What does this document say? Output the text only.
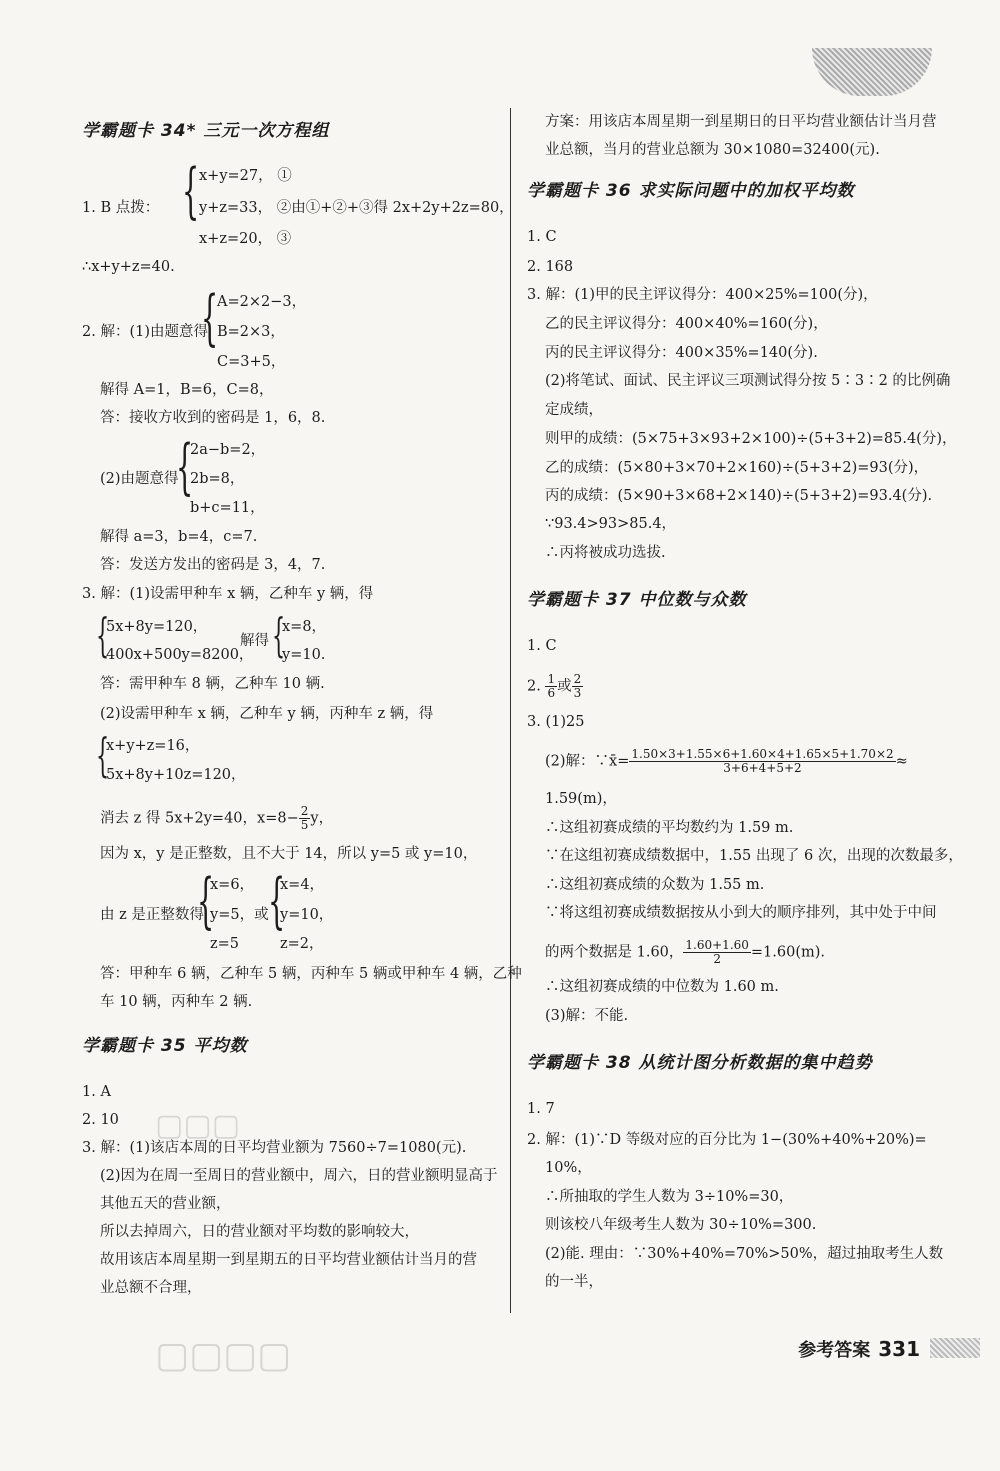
学霸题卡 34* 三元一次方程组
{
1. B 点拨：
x+y=27， ①
y+z=33， ②由①+②+③得 2x+2y+2z=80，
x+z=20， ③
∴x+y+z=40.
{
2. 解：(1)由题意得
A=2×2−3，
B=2×3，
C=3+5，
解得 A=1，B=6，C=8，
答：接收方收到的密码是 1，6，8.
{
(2)由题意得
2a−b=2，
2b=8，
b+c=11，
解得 a=3，b=4，c=7.
答：发送方发出的密码是 3，4，7.
3. 解：(1)设需甲种车 x 辆，乙种车 y 辆，得
{
5x+8y=120，
400x+500y=8200，
解得 {
x=8，
y=10.
答：需甲种车 8 辆，乙种车 10 辆.
(2)设需甲种车 x 辆，乙种车 y 辆，丙种车 z 辆，得
{
x+y+z=16，
5x+8y+10z=120，
消去 z 得 5x+2y=40，$x=8- \frac{2}{5}$ y，
因为 x，y 是正整数，且不大于 14，所以 y=5 或 y=10，
{
由 z 是正整数得
x=6，
y=5，或
z=5
{
x=4，
y=10，
z=2，
答：甲种车 6 辆，乙种车 5 辆，丙种车 5 辆或甲种车 4 辆，乙种
车 10 辆，丙种车 2 辆.
学霸题卡 35 平均数
1. A
2. 10
3. 解：(1)该店本周的日平均营业额为 7560÷7=1080(元).
(2)因为在周一至周日的营业额中，周六，日的营业额明显高于
其他五天的营业额，
所以去掉周六，日的营业额对平均数的影响较大，
故用该店本周星期一到星期五的日平均营业额估计当月的营
业总额不合理，
方案：用该店本周星期一到星期日的日平均营业额估计当月营
业总额，当月的营业总额为 30×1080=32400(元).
学霸题卡 36 求实际问题中的加权平均数
1. C
2. 168
3. 解：(1)甲的民主评议得分：400×25%=100(分)，
乙的民主评议得分：400×40%=160(分)，
丙的民主评议得分：400×35%=140(分).
(2)将笔试、面试、民主评议三项测试得分按 5∶3∶2 的比例确
定成绩，
则甲的成绩：(5×75+3×93+2×100)÷(5+3+2)=85.4(分)，
乙的成绩：(5×80+3×70+2×160)÷(5+3+2)=93(分)，
丙的成绩：(5×90+3×68+2×140)÷(5+3+2)=93.4(分).
∵93.4>93>85.4，
∴丙将被成功选拔.
学霸题卡 37 中位数与众数
1. C
2. $\frac{1}{6}$ 或 $\frac{2}{3}$
3. (1)25
(2)解：∵x̄= $\frac{1.50\times 3+1.55\times 6+1.60\times 4+1.65\times 5+1.70\times 2}{3+6+4+5+2}$ ≈
1.59(m)，
∴这组初赛成绩的平均数约为 1.59 m.
∵在这组初赛成绩数据中，1.55 出现了 6 次，出现的次数最多，
∴这组初赛成绩的众数为 1.55 m.
∵将这组初赛成绩数据按从小到大的顺序排列，其中处于中间
的两个数据是 1.60， $\frac{1.60+1.60}{2} =1.60(m)$.
∴这组初赛成绩的中位数为 1.60 m.
(3)解：不能.
学霸题卡 38 从统计图分析数据的集中趋势
1. 7
2. 解：(1)∵D 等级对应的百分比为 1−(30%+40%+20%)=
10%，
∴所抽取的学生人数为 3÷10%=30，
则该校八年级考生人数为 30÷10%=300.
(2)能. 理由：∵30%+40%=70%>50%，超过抽取考生人数
的一半，
▢▢▢
▢▢▢▢	参考答案 331
